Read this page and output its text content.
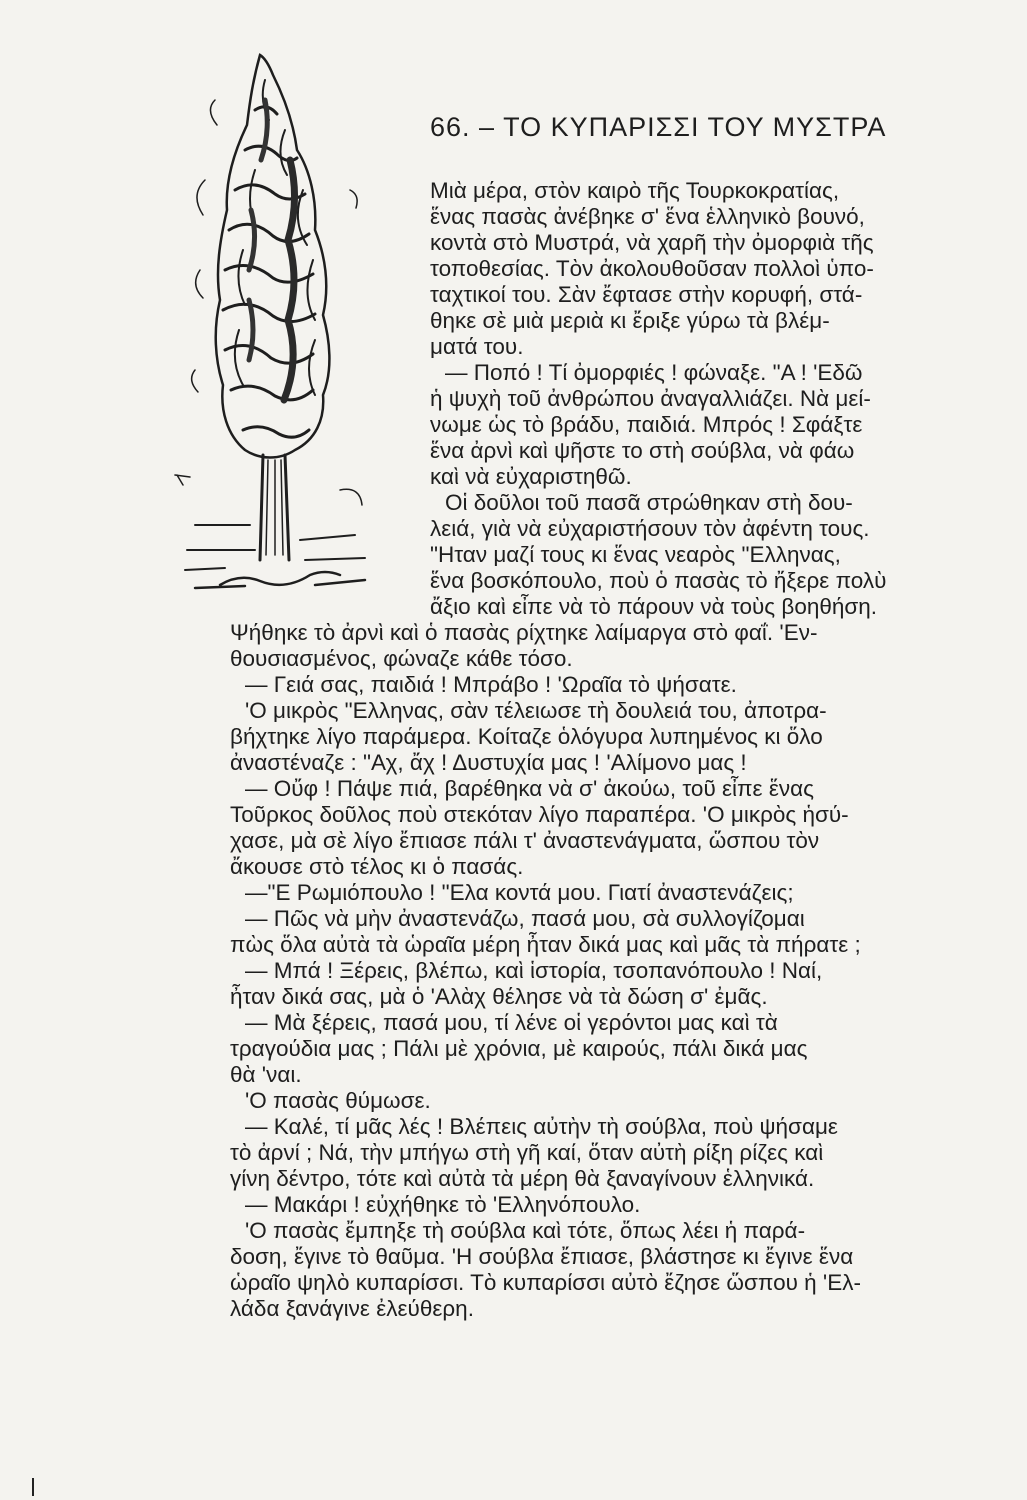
66. – ΤΟ ΚΥΠΑΡΙΣΣΙ ΤΟΥ ΜΥΣΤΡΑ
Μιὰ μέρα, στὸν καιρὸ τῆς Τουρκοκρατίας,
ἕνας πασὰς ἀνέβηκε σ' ἕνα ἑλληνικὸ βουνό,
κοντὰ στὸ Μυστρά, νὰ χαρῆ τὴν ὀμορφιὰ τῆς
τοποθεσίας. Τὸν ἀκολουθοῦσαν πολλοὶ ὑπο-
ταχτικοί του. Σὰν ἔφτασε στὴν κορυφή, στά-
θηκε σὲ μιὰ μεριὰ κι ἔριξε γύρω τὰ βλέμ-
ματά του.
— Ποπό ! Τί ὀμορφιές ! φώναξε. "Α ! 'Εδῶ
ἡ ψυχὴ τοῦ ἀνθρώπου ἀναγαλλιάζει. Νὰ μεί-
νωμε ὡς τὸ βράδυ, παιδιά. Μπρός ! Σφάξτε
ἕνα ἀρνὶ καὶ ψῆστε το στὴ σούβλα, νὰ φάω
καὶ νὰ εὐχαριστηθῶ.
Οἱ δοῦλοι τοῦ πασᾶ στρώθηκαν στὴ δου-
λειά, γιὰ νὰ εὐχαριστήσουν τὸν ἀφέντη τους.
"Ηταν μαζί τους κι ἕνας νεαρὸς "Ελληνας,
ἕνα βοσκόπουλο, ποὺ ὁ πασὰς τὸ ἤξερε πολὺ
ἄξιο καὶ εἶπε νὰ τὸ πάρουν νὰ τοὺς βοηθήση.
Ψήθηκε τὸ ἀρνὶ καὶ ὁ πασὰς ρίχτηκε λαίμαργα στὸ φαΐ. 'Εν-
θουσιασμένος, φώναζε κάθε τόσο.
— Γειά σας, παιδιά ! Μπράβο ! 'Ωραῖα τὸ ψήσατε.
'Ο μικρὸς "Ελληνας, σὰν τέλειωσε τὴ δουλειά του, ἀποτρα-
βήχτηκε λίγο παράμερα. Κοίταζε ὁλόγυρα λυπημένος κι ὅλο
ἀναστέναζε : "Αχ, ἄχ ! Δυστυχία μας ! 'Αλίμονο μας !
— Οὔφ ! Πάψε πιά, βαρέθηκα νὰ σ' ἀκούω, τοῦ εἶπε ἕνας
Τοῦρκος δοῦλος ποὺ στεκόταν λίγο παραπέρα. 'Ο μικρὸς ἡσύ-
χασε, μὰ σὲ λίγο ἔπιασε πάλι τ' ἀναστενάγματα, ὥσπου τὸν
ἄκουσε στὸ τέλος κι ὁ πασάς.
—"Ε Ρωμιόπουλο ! "Ελα κοντά μου. Γιατί ἀναστενάζεις;
— Πῶς νὰ μὴν ἀναστενάζω, πασά μου, σὰ συλλογίζομαι
πὼς ὅλα αὐτὰ τὰ ὡραῖα μέρη ἦταν δικά μας καὶ μᾶς τὰ πήρατε ;
— Μπά ! Ξέρεις, βλέπω, καὶ ἱστορία, τσοπανόπουλο ! Ναί,
ἦταν δικά σας, μὰ ὁ 'Αλὰχ θέλησε νὰ τὰ δώση σ' ἐμᾶς.
— Μὰ ξέρεις, πασά μου, τί λένε οἱ γερόντοι μας καὶ τὰ
τραγούδια μας ; Πάλι μὲ χρόνια, μὲ καιρούς, πάλι δικά μας
θὰ 'ναι.
'Ο πασὰς θύμωσε.
— Καλέ, τί μᾶς λές ! Βλέπεις αὐτὴν τὴ σούβλα, ποὺ ψήσαμε
τὸ ἀρνί ; Νά, τὴν μπήγω στὴ γῆ καί, ὅταν αὐτὴ ρίξη ρίζες καὶ
γίνη δέντρο, τότε καὶ αὐτὰ τὰ μέρη θὰ ξαναγίνουν ἑλληνικά.
— Μακάρι ! εὐχήθηκε τὸ 'Ελληνόπουλο.
'Ο πασὰς ἔμπηξε τὴ σούβλα καὶ τότε, ὅπως λέει ἡ παρά-
δοση, ἔγινε τὸ θαῦμα. 'Η σούβλα ἔπιασε, βλάστησε κι ἔγινε ἕνα
ὡραῖο ψηλὸ κυπαρίσσι. Τὸ κυπαρίσσι αὐτὸ ἔζησε ὥσπου ἡ 'Ελ-
λάδα ξανάγινε ἐλεύθερη.
